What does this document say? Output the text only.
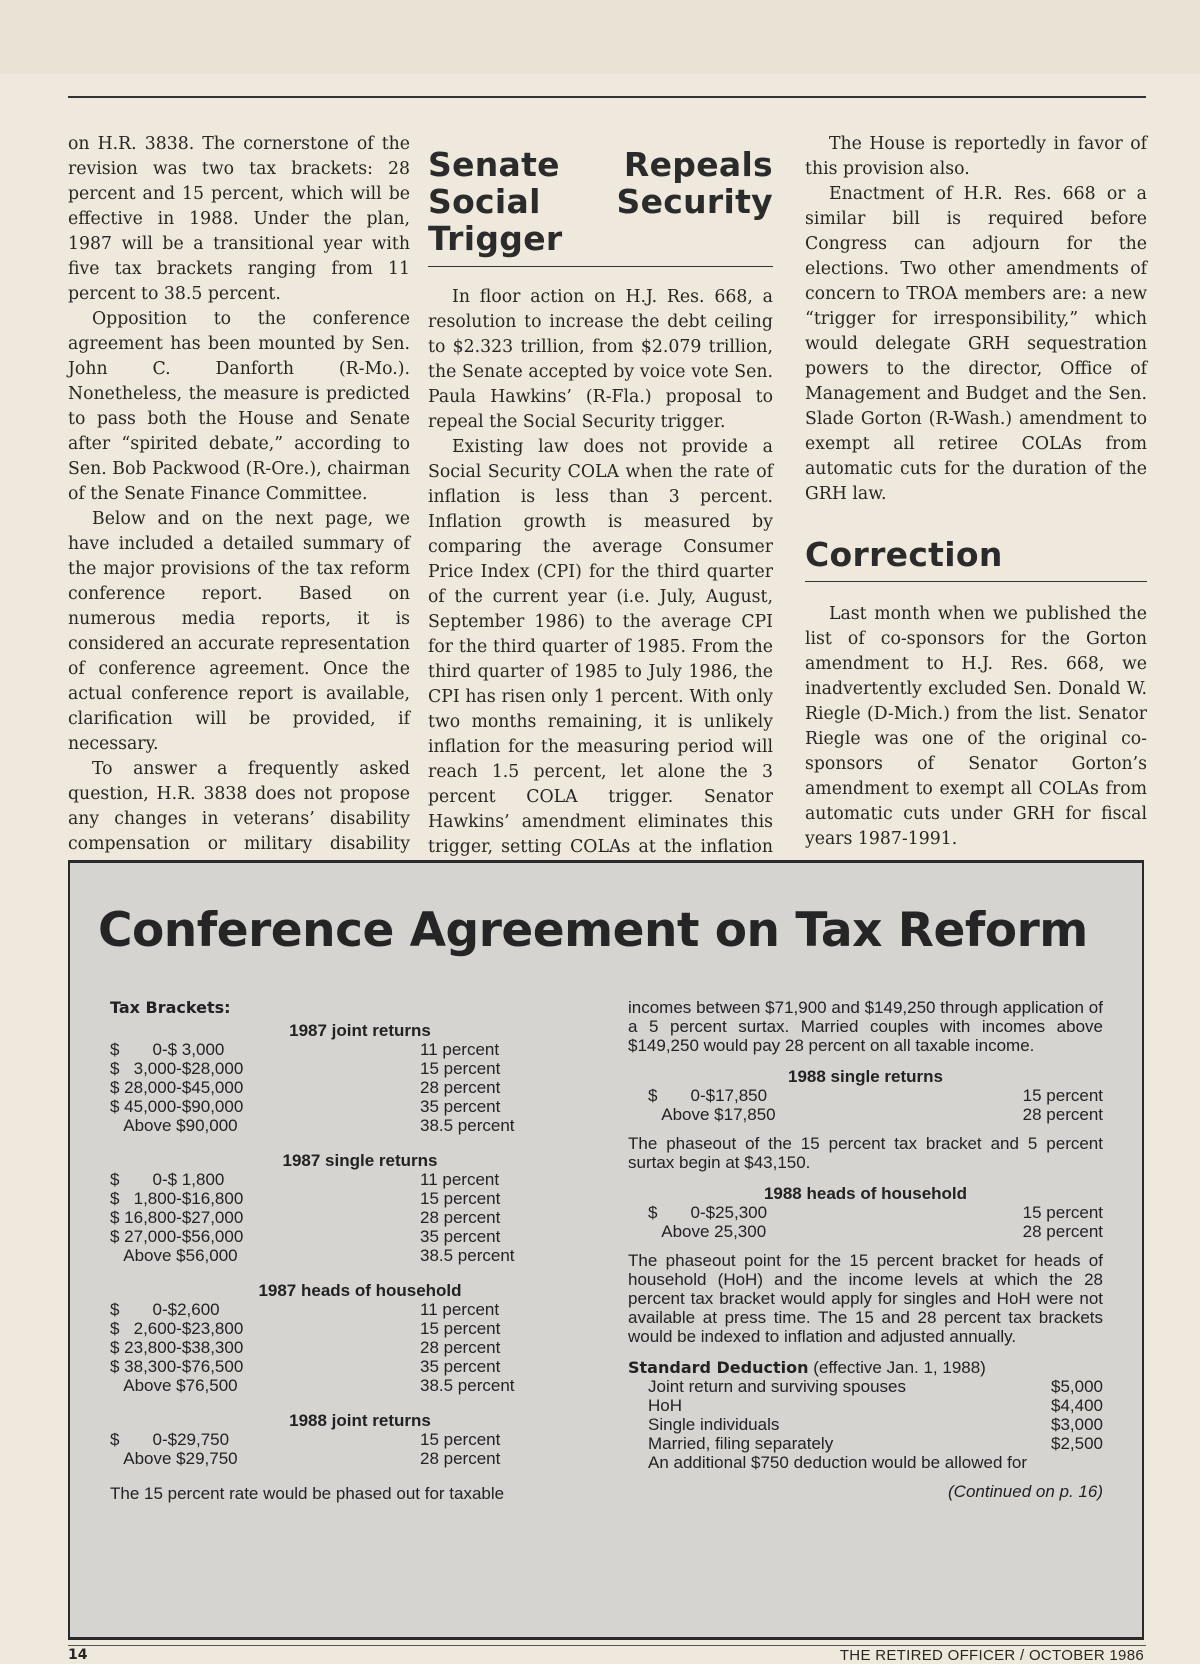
on H.R. 3838. The cornerstone of the revision was two tax brackets: 28 percent and 15 percent, which will be effective in 1988. Under the plan, 1987 will be a transitional year with five tax brackets ranging from 11 percent to 38.5 percent.

Opposition to the conference agreement has been mounted by Sen. John C. Danforth (R-Mo.). Nonetheless, the measure is predicted to pass both the House and Senate after “spirited debate,” according to Sen. Bob Packwood (R-Ore.), chairman of the Senate Finance Committee.

Below and on the next page, we have included a detailed summary of the major provisions of the tax reform conference report. Based on numerous media reports, it is considered an accurate representation of conference agreement. Once the actual conference report is available, clarification will be provided, if necessary.

To answer a frequently asked question, H.R. 3838 does not propose any changes in veterans’ disability compensation or military disability

Senate Repeals Social Security Trigger

In floor action on H.J. Res. 668, a resolution to increase the debt ceiling to $2.323 trillion, from $2.079 trillion, the Senate accepted by voice vote Sen. Paula Hawkins’ (R-Fla.) proposal to repeal the Social Security trigger.

Existing law does not provide a Social Security COLA when the rate of inflation is less than 3 percent. Inflation growth is measured by comparing the average Consumer Price Index (CPI) for the third quarter of the current year (i.e. July, August, September 1986) to the average CPI for the third quarter of 1985. From the third quarter of 1985 to July 1986, the CPI has risen only 1 percent. With only two months remaining, it is unlikely inflation for the measuring period will reach 1.5 percent, let alone the 3 percent COLA trigger. Senator Hawkins’ amendment eliminates this trigger, setting COLAs at the inflation

The House is reportedly in favor of this provision also.

Enactment of H.R. Res. 668 or a similar bill is required before Congress can adjourn for the elections. Two other amendments of concern to TROA members are: a new “trigger for irresponsibility,” which would delegate GRH sequestration powers to the director, Office of Management and Budget and the Sen. Slade Gorton (R-Wash.) amendment to exempt all retiree COLAs from automatic cuts for the duration of the GRH law.

Correction

Last month when we published the list of co-sponsors for the Gorton amendment to H.J. Res. 668, we inadvertently excluded Sen. Donald W. Riegle (D-Mich.) from the list. Senator Riegle was one of the original co-sponsors of Senator Gorton’s amendment to exempt all COLAs from automatic cuts under GRH for fiscal years 1987-1991.

Conference Agreement on Tax Reform
Tax Brackets:
1987 joint returns
$       0-$ 3,000	11 percent
$   3,000-$28,000	15 percent
$ 28,000-$45,000	28 percent
$ 45,000-$90,000	35 percent
Above $90,000	38.5 percent
1987 single returns
$       0-$ 1,800	11 percent
$   1,800-$16,800	15 percent
$ 16,800-$27,000	28 percent
$ 27,000-$56,000	35 percent
Above $56,000	38.5 percent
1987 heads of household
$       0-$2,600	11 percent
$   2,600-$23,800	15 percent
$ 23,800-$38,300	28 percent
$ 38,300-$76,500	35 percent
Above $76,500	38.5 percent
1988 joint returns
$       0-$29,750	15 percent
Above $29,750	28 percent
The 15 percent rate would be phased out for taxable

incomes between $71,900 and $149,250 through application of a 5 percent surtax. Married couples with incomes above $149,250 would pay 28 percent on all taxable income.

1988 single returns
$       0-$17,850	15 percent
Above $17,850	28 percent

The phaseout of the 15 percent tax bracket and 5 percent surtax begin at $43,150.

1988 heads of household
$       0-$25,300	15 percent
Above 25,300	28 percent

The phaseout point for the 15 percent bracket for heads of household (HoH) and the income levels at which the 28 percent tax bracket would apply for singles and HoH were not available at press time. The 15 and 28 percent tax brackets would be indexed to inflation and adjusted annually.

Standard Deduction (effective Jan. 1, 1988)
Joint return and surviving spouses	$5,000
HoH	$4,400
Single individuals	$3,000
Married, filing separately	$2,500
An additional $750 deduction would be allowed for
(Continued on p. 16)
14	THE RETIRED OFFICER / OCTOBER 1986
